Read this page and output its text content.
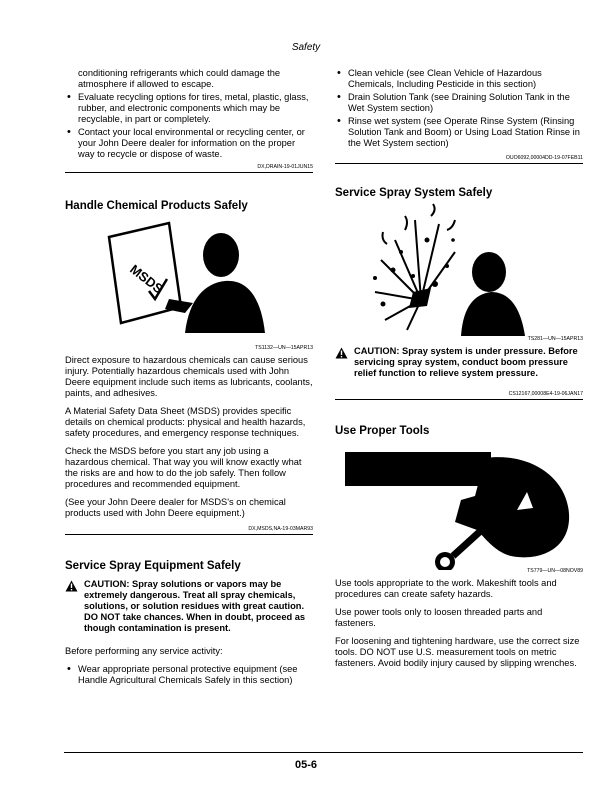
Safety
conditioning refrigerants which could damage the atmosphere if allowed to escape.
• Evaluate recycling options for tires, metal, plastic, glass, rubber, and electronic components which may be recyclable, in part or completely.
• Contact your local environmental or recycling center, or your John Deere dealer for information on the proper way to recycle or dispose of waste.
DX,DRAIN-19-01JUN15
Handle Chemical Products Safely
MSDS
TS1132—UN—15APR13

Direct exposure to hazardous chemicals can cause serious injury. Potentially hazardous chemicals used with John Deere equipment include such items as lubricants, coolants, paints, and adhesives.

A Material Safety Data Sheet (MSDS) provides specific details on chemical products: physical and health hazards, safety procedures, and emergency response techniques.

Check the MSDS before you start any job using a hazardous chemical. That way you will know exactly what the risks are and how to do the job safely. Then follow procedures and recommended equipment.

(See your John Deere dealer for MSDS's on chemical products used with John Deere equipment.)

DX,MSDS,NA-19-03MAR93
Service Spray Equipment Safely
CAUTION: Spray solutions or vapors may be extremely dangerous. Treat all spray chemicals, solutions, or solution residues with great caution. DO NOT take chances. When in doubt, proceed as though contamination is present.

Before performing any service activity:

• Wear appropriate personal protective equipment (see Handle Agricultural Chemicals Safely in this section)
• Clean vehicle (see Clean Vehicle of Hazardous Chemicals, Including Pesticide in this section)
• Drain Solution Tank (see Draining Solution Tank in the Wet System section)
• Rinse wet system (see Operate Rinse System (Rinsing Solution Tank and Boom) or Using Load Station Rinse in the Wet System section)
OUO6092,00004DD-19-07FEB11
Service Spray System Safely
TS281—UN—15APR13
CAUTION: Spray system is under pressure. Before servicing spray system, conduct boom pressure relief function to relieve system pressure.
CS12167,00008E4-19-06JAN17
Use Proper Tools
TS779—UN—08NOV89

Use tools appropriate to the work. Makeshift tools and procedures can create safety hazards.

Use power tools only to loosen threaded parts and fasteners.

For loosening and tightening hardware, use the correct size tools. DO NOT use U.S. measurement tools on metric fasteners. Avoid bodily injury caused by slipping wrenches.

05-6
